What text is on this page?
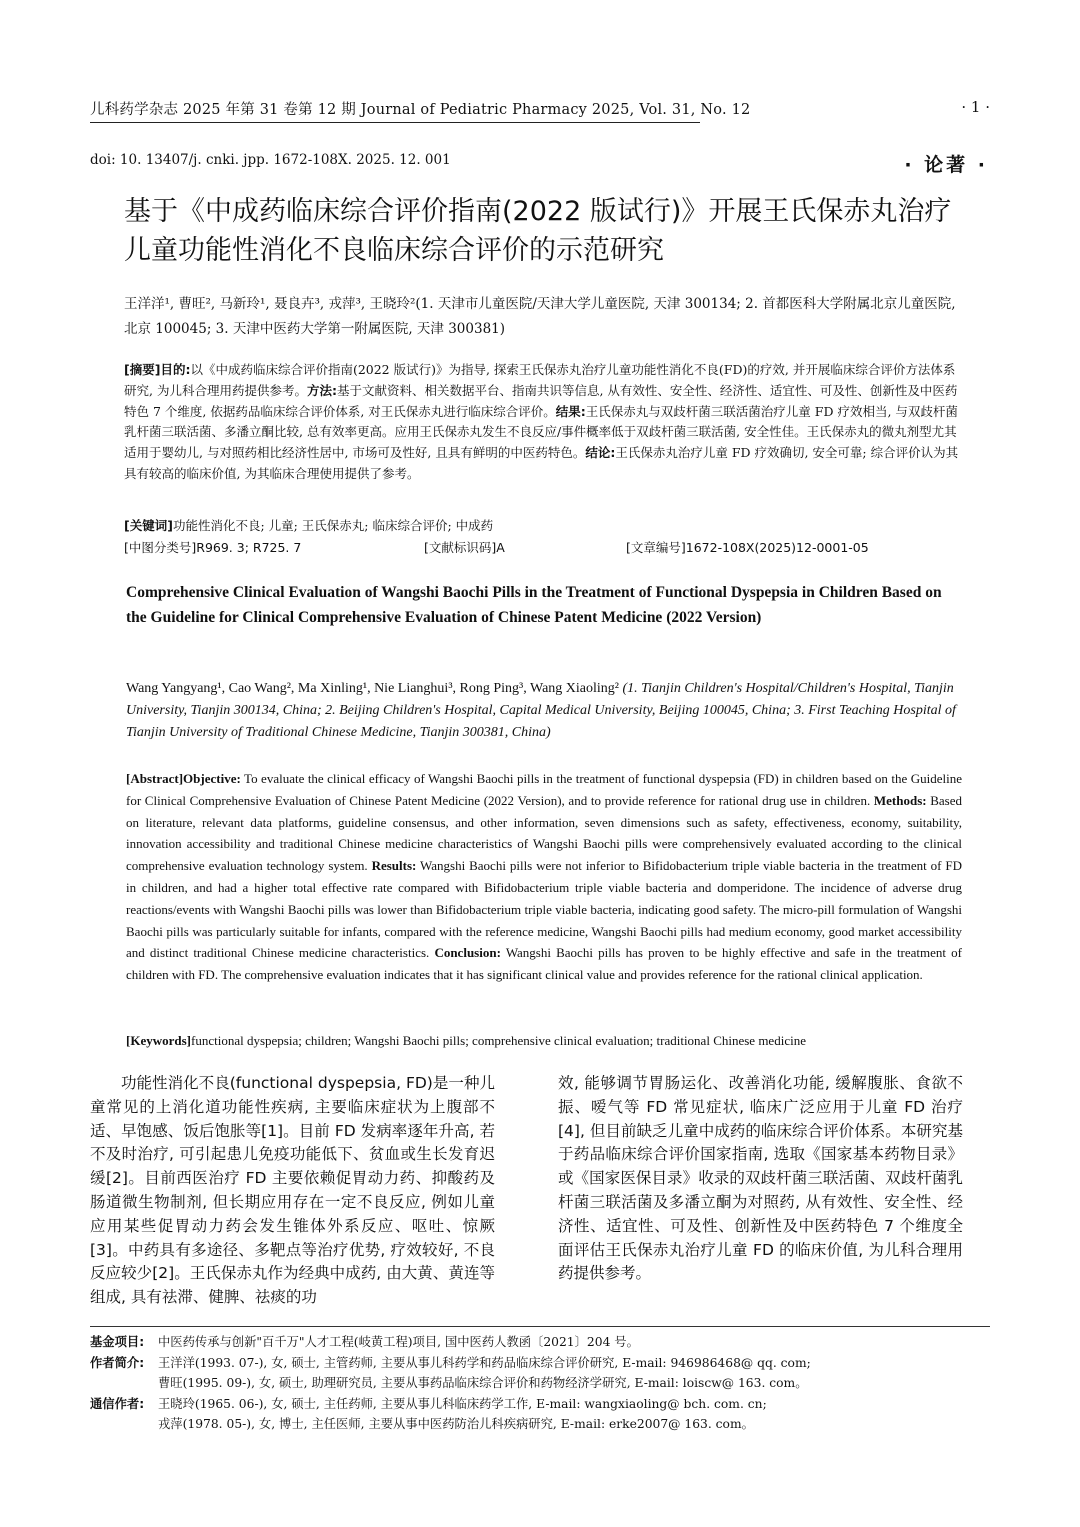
儿科药学杂志 2025 年第 31 卷第 12 期 Journal of Pediatric Pharmacy 2025, Vol. 31, No. 12	· 1 ·
doi: 10. 13407/j. cnki. jpp. 1672-108X. 2025. 12. 001	· 论著 ·
基于《中成药临床综合评价指南(2022 版试行)》开展王氏保赤丸治疗儿童功能性消化不良临床综合评价的示范研究
王洋洋¹, 曹旺², 马新玲¹, 聂良卉³, 戎萍³, 王晓玲²(1. 天津市儿童医院/天津大学儿童医院, 天津 300134; 2. 首都医科大学附属北京儿童医院, 北京 100045; 3. 天津中医药大学第一附属医院, 天津 300381)
[摘要]目的:以《中成药临床综合评价指南(2022 版试行)》为指导, 探索王氏保赤丸治疗儿童功能性消化不良(FD)的疗效, 并开展临床综合评价方法体系研究, 为儿科合理用药提供参考。方法:基于文献资料、相关数据平台、指南共识等信息, 从有效性、安全性、经济性、适宜性、可及性、创新性及中医药特色 7 个维度, 依据药品临床综合评价体系, 对王氏保赤丸进行临床综合评价。结果:王氏保赤丸与双歧杆菌三联活菌治疗儿童 FD 疗效相当, 与双歧杆菌乳杆菌三联活菌、多潘立酮比较, 总有效率更高。应用王氏保赤丸发生不良反应/事件概率低于双歧杆菌三联活菌, 安全性佳。王氏保赤丸的微丸剂型尤其适用于婴幼儿, 与对照药相比经济性居中, 市场可及性好, 且具有鲜明的中医药特色。结论:王氏保赤丸治疗儿童 FD 疗效确切, 安全可靠; 综合评价认为其具有较高的临床价值, 为其临床合理使用提供了参考。
[关键词]功能性消化不良; 儿童; 王氏保赤丸; 临床综合评价; 中成药
[中图分类号]R969. 3; R725. 7	[文献标识码]A	[文章编号]1672-108X(2025)12-0001-05
Comprehensive Clinical Evaluation of Wangshi Baochi Pills in the Treatment of Functional Dyspepsia in Children Based on the Guideline for Clinical Comprehensive Evaluation of Chinese Patent Medicine (2022 Version)
Wang Yangyang¹, Cao Wang², Ma Xinling¹, Nie Lianghui³, Rong Ping³, Wang Xiaoling² (1. Tianjin Children's Hospital/Children's Hospital, Tianjin University, Tianjin 300134, China; 2. Beijing Children's Hospital, Capital Medical University, Beijing 100045, China; 3. First Teaching Hospital of Tianjin University of Traditional Chinese Medicine, Tianjin 300381, China)
[Abstract]Objective: To evaluate the clinical efficacy of Wangshi Baochi pills in the treatment of functional dyspepsia (FD) in children based on the Guideline for Clinical Comprehensive Evaluation of Chinese Patent Medicine (2022 Version), and to provide reference for rational drug use in children. Methods: Based on literature, relevant data platforms, guideline consensus, and other information, seven dimensions such as safety, effectiveness, economy, suitability, innovation accessibility and traditional Chinese medicine characteristics of Wangshi Baochi pills were comprehensively evaluated according to the clinical comprehensive evaluation technology system. Results: Wangshi Baochi pills were not inferior to Bifidobacterium triple viable bacteria in the treatment of FD in children, and had a higher total effective rate compared with Bifidobacterium triple viable bacteria and domperidone. The incidence of adverse drug reactions/events with Wangshi Baochi pills was lower than Bifidobacterium triple viable bacteria, indicating good safety. The micro-pill formulation of Wangshi Baochi pills was particularly suitable for infants, compared with the reference medicine, Wangshi Baochi pills had medium economy, good market accessibility and distinct traditional Chinese medicine characteristics. Conclusion: Wangshi Baochi pills has proven to be highly effective and safe in the treatment of children with FD. The comprehensive evaluation indicates that it has significant clinical value and provides reference for the rational clinical application.
[Keywords]functional dyspepsia; children; Wangshi Baochi pills; comprehensive clinical evaluation; traditional Chinese medicine
功能性消化不良(functional dyspepsia, FD)是一种儿童常见的上消化道功能性疾病, 主要临床症状为上腹部不适、早饱感、饭后饱胀等[1]。目前 FD 发病率逐年升高, 若不及时治疗, 可引起患儿免疫功能低下、贫血或生长发育迟缓[2]。目前西医治疗 FD 主要依赖促胃动力药、抑酸药及肠道微生物制剂, 但长期应用存在一定不良反应, 例如儿童应用某些促胃动力药会发生锥体外系反应、呕吐、惊厥[3]。中药具有多途径、多靶点等治疗优势, 疗效较好, 不良反应较少[2]。王氏保赤丸作为经典中成药, 由大黄、黄连等组成, 具有祛滞、健脾、祛痰的功
效, 能够调节胃肠运化、改善消化功能, 缓解腹胀、食欲不振、嗳气等 FD 常见症状, 临床广泛应用于儿童 FD 治疗[4], 但目前缺乏儿童中成药的临床综合评价体系。本研究基于药品临床综合评价国家指南, 选取《国家基本药物目录》或《国家医保目录》收录的双歧杆菌三联活菌、双歧杆菌乳杆菌三联活菌及多潘立酮为对照药, 从有效性、安全性、经济性、适宜性、可及性、创新性及中医药特色 7 个维度全面评估王氏保赤丸治疗儿童 FD 的临床价值, 为儿科合理用药提供参考。
基金项目: 中医药传承与创新"百千万"人才工程(岐黄工程)项目, 国中医药人教函〔2021〕204 号。
作者简介: 王洋洋(1993. 07-), 女, 硕士, 主管药师, 主要从事儿科药学和药品临床综合评价研究, E-mail: 946986468@ qq. com;
曹旺(1995. 09-), 女, 硕士, 助理研究员, 主要从事药品临床综合评价和药物经济学研究, E-mail: loiscw@ 163. com。
通信作者: 王晓玲(1965. 06-), 女, 硕士, 主任药师, 主要从事儿科临床药学工作, E-mail: wangxiaoling@ bch. com. cn;
戎萍(1978. 05-), 女, 博士, 主任医师, 主要从事中医药防治儿科疾病研究, E-mail: erke2007@ 163. com。
